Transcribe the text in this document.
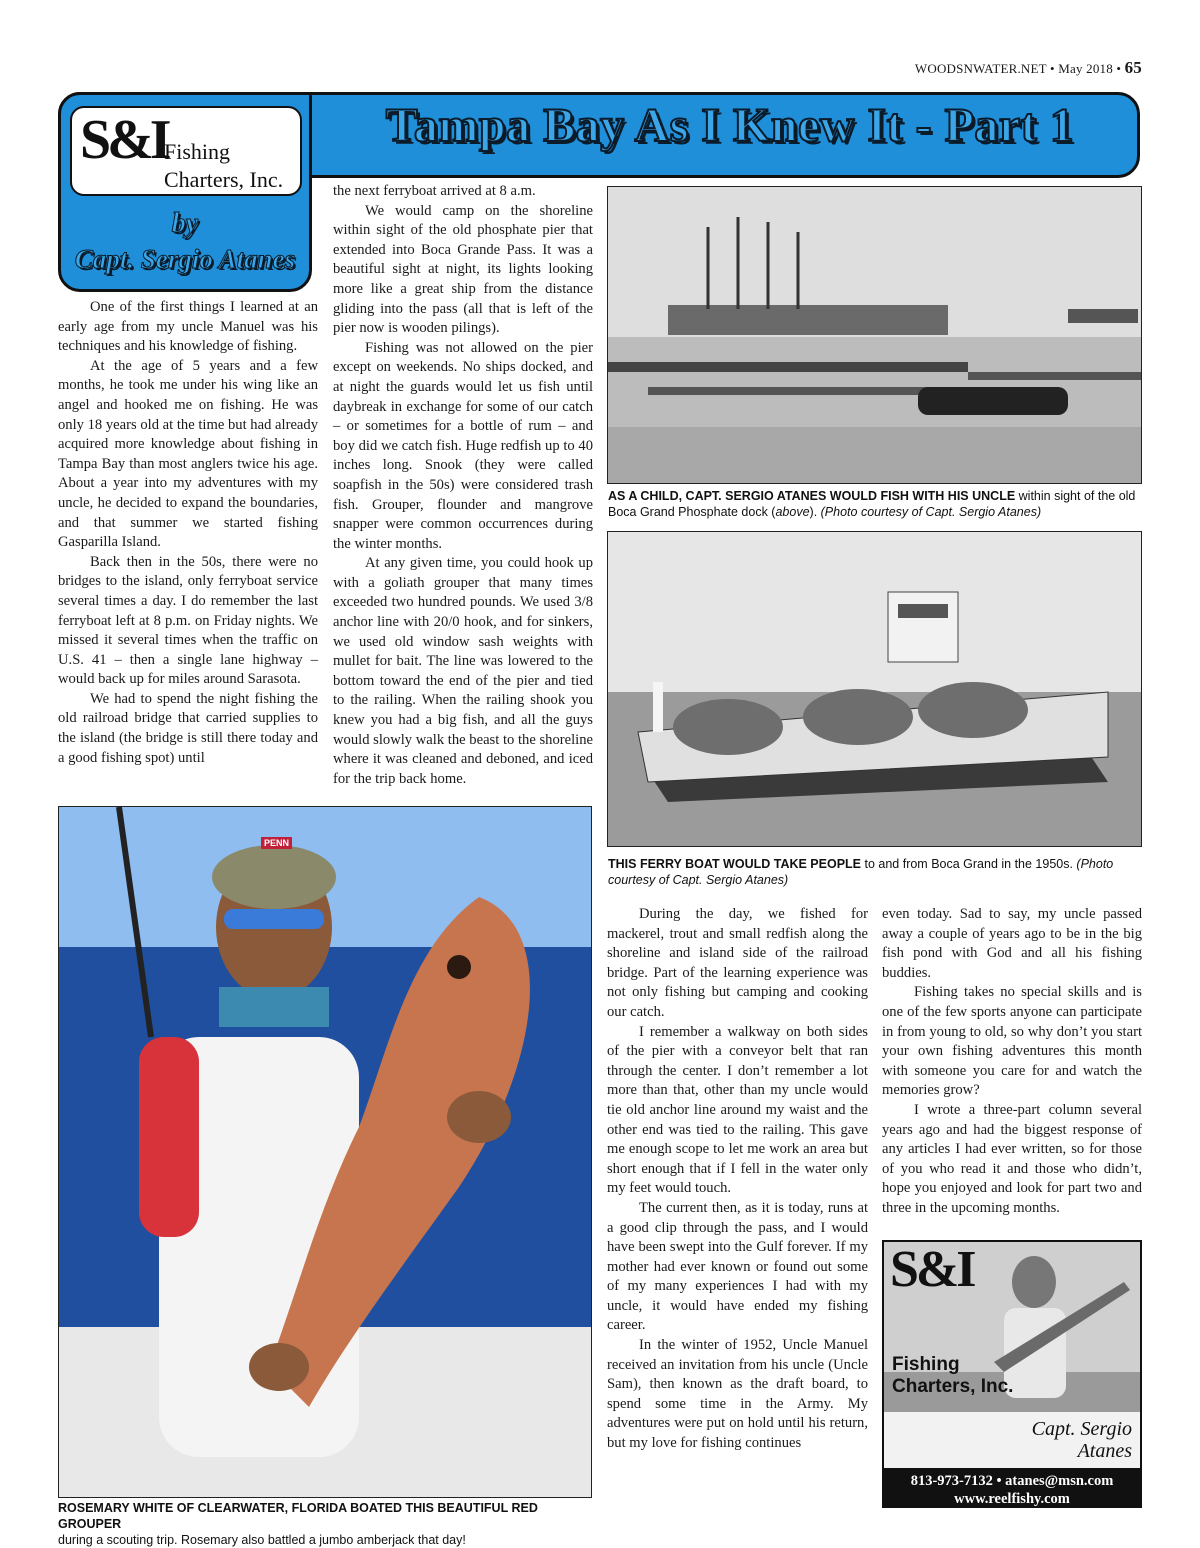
WOODSNWATER.NET • May 2018 • 65
Tampa Bay As I Knew It - Part 1
S&I
Fishing
Charters, Inc.
by
Capt. Sergio Atanes

One of the first things I learned at an early age from my uncle Manuel was his techniques and his knowledge of fishing.

At the age of 5 years and a few months, he took me under his wing like an angel and hooked me on fishing. He was only 18 years old at the time but had already acquired more knowledge about fishing in Tampa Bay than most anglers twice his age. About a year into my adventures with my uncle, he decided to expand the boundaries, and that summer we started fishing Gasparilla Island.

Back then in the 50s, there were no bridges to the island, only ferryboat service several times a day. I do remember the last ferryboat left at 8 p.m. on Friday nights. We missed it several times when the traffic on U.S. 41 – then a single lane highway – would back up for miles around Sarasota.

We had to spend the night fishing the old railroad bridge that carried supplies to the island (the bridge is still there today and a good fishing spot) until

the next ferryboat arrived at 8 a.m.

We would camp on the shoreline within sight of the old phosphate pier that extended into Boca Grande Pass. It was a beautiful sight at night, its lights looking more like a great ship from the distance gliding into the pass (all that is left of the pier now is wooden pilings).

Fishing was not allowed on the pier except on weekends. No ships docked, and at night the guards would let us fish until daybreak in exchange for some of our catch – or sometimes for a bottle of rum – and boy did we catch fish. Huge redfish up to 40 inches long. Snook (they were called soapfish in the 50s) were considered trash fish. Grouper, flounder and mangrove snapper were common occurrences during the winter months.

At any given time, you could hook up with a goliath grouper that many times exceeded two hundred pounds. We used 3/8 anchor line with 20/0 hook, and for sinkers, we used old window sash weights with mullet for bait. The line was lowered to the bottom toward the end of the pier and tied to the railing. When the railing shook you knew you had a big fish, and all the guys would slowly walk the beast to the shoreline where it was cleaned and deboned, and iced for the trip back home.

AS A CHILD, CAPT. SERGIO ATANES WOULD FISH WITH HIS UNCLE within sight of the old Boca Grand Phosphate dock (above). (Photo courtesy of Capt. Sergio Atanes)
THIS FERRY BOAT WOULD TAKE PEOPLE to and from Boca Grand in the 1950s. (Photo courtesy of Capt. Sergio Atanes)
PENN
ROSEMARY WHITE OF CLEARWATER, FLORIDA BOATED THIS BEAUTIFUL RED GROUPER
during a scouting trip. Rosemary also battled a jumbo amberjack that day!

During the day, we fished for mackerel, trout and small redfish along the shoreline and island side of the railroad bridge. Part of the learning experience was not only fishing but camping and cooking our catch.

I remember a walkway on both sides of the pier with a conveyor belt that ran through the center. I don’t remember a lot more than that, other than my uncle would tie old anchor line around my waist and the other end was tied to the railing. This gave me enough scope to let me work an area but short enough that if I fell in the water only my feet would touch.

The current then, as it is today, runs at a good clip through the pass, and I would have been swept into the Gulf forever. If my mother had ever known or found out some of my many experiences I had with my uncle, it would have ended my fishing career.

In the winter of 1952, Uncle Manuel received an invitation from his uncle (Uncle Sam), then known as the draft board, to spend some time in the Army. My adventures were put on hold until his return, but my love for fishing continues

even today. Sad to say, my uncle passed away a couple of years ago to be in the big fish pond with God and all his fishing buddies.

Fishing takes no special skills and is one of the few sports anyone can participate in from young to old, so why don’t you start your own fishing adventures this month with someone you care for and watch the memories grow?

I wrote a three-part column several years ago and had the biggest response of any articles I had ever written, so for those of you who read it and those who didn’t, hope you enjoyed and look for part two and three in the upcoming months.

S&I
Fishing
Charters, Inc.
Capt. Sergio
Atanes
813-973-7132 • atanes@msn.com
www.reelfishy.com
